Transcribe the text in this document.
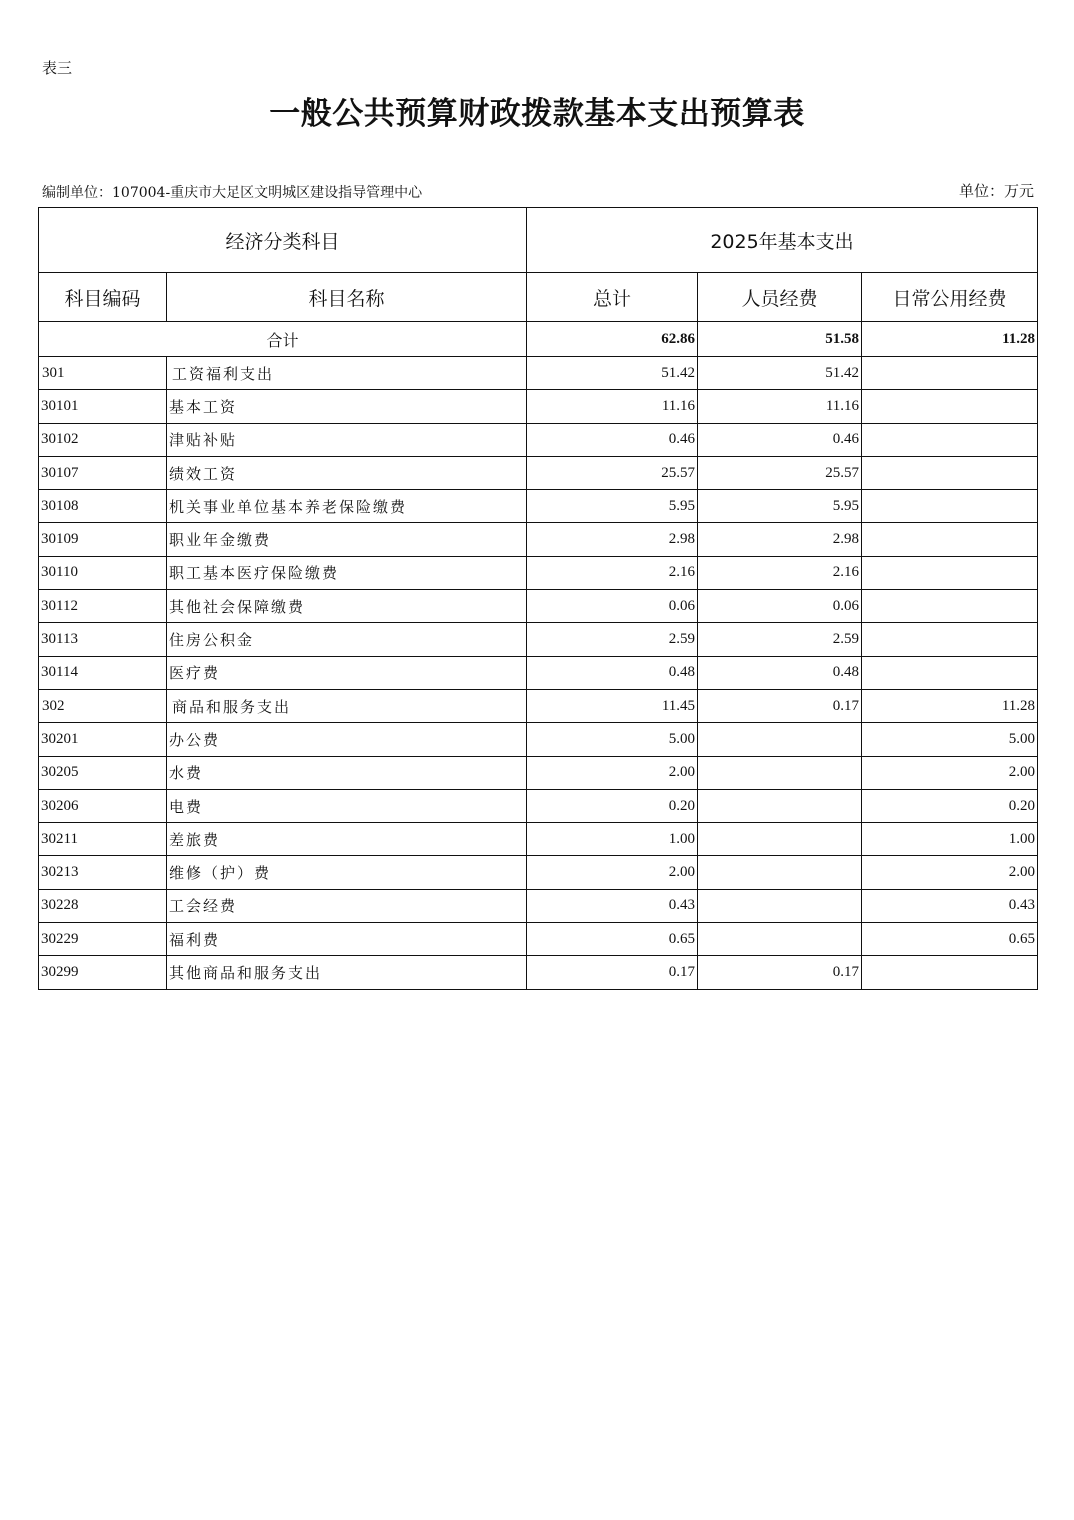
表三
一般公共预算财政拨款基本支出预算表
编制单位：107004-重庆市大足区文明城区建设指导管理中心	单位：万元
经济分类科目		2025年基本支出		
科目编码	科目名称	总计	人员经费	日常公用经费
合计		62.86	51.58	11.28
301	工资福利支出	51.42	51.42	
30101	基本工资	11.16	11.16	
30102	津贴补贴	0.46	0.46	
30107	绩效工资	25.57	25.57	
30108	机关事业单位基本养老保险缴费	5.95	5.95	
30109	职业年金缴费	2.98	2.98	
30110	职工基本医疗保险缴费	2.16	2.16	
30112	其他社会保障缴费	0.06	0.06	
30113	住房公积金	2.59	2.59	
30114	医疗费	0.48	0.48	
302	商品和服务支出	11.45	0.17	11.28
30201	办公费	5.00		5.00
30205	水费	2.00		2.00
30206	电费	0.20		0.20
30211	差旅费	1.00		1.00
30213	维修（护）费	2.00		2.00
30228	工会经费	0.43		0.43
30229	福利费	0.65		0.65
30299	其他商品和服务支出	0.17	0.17	
